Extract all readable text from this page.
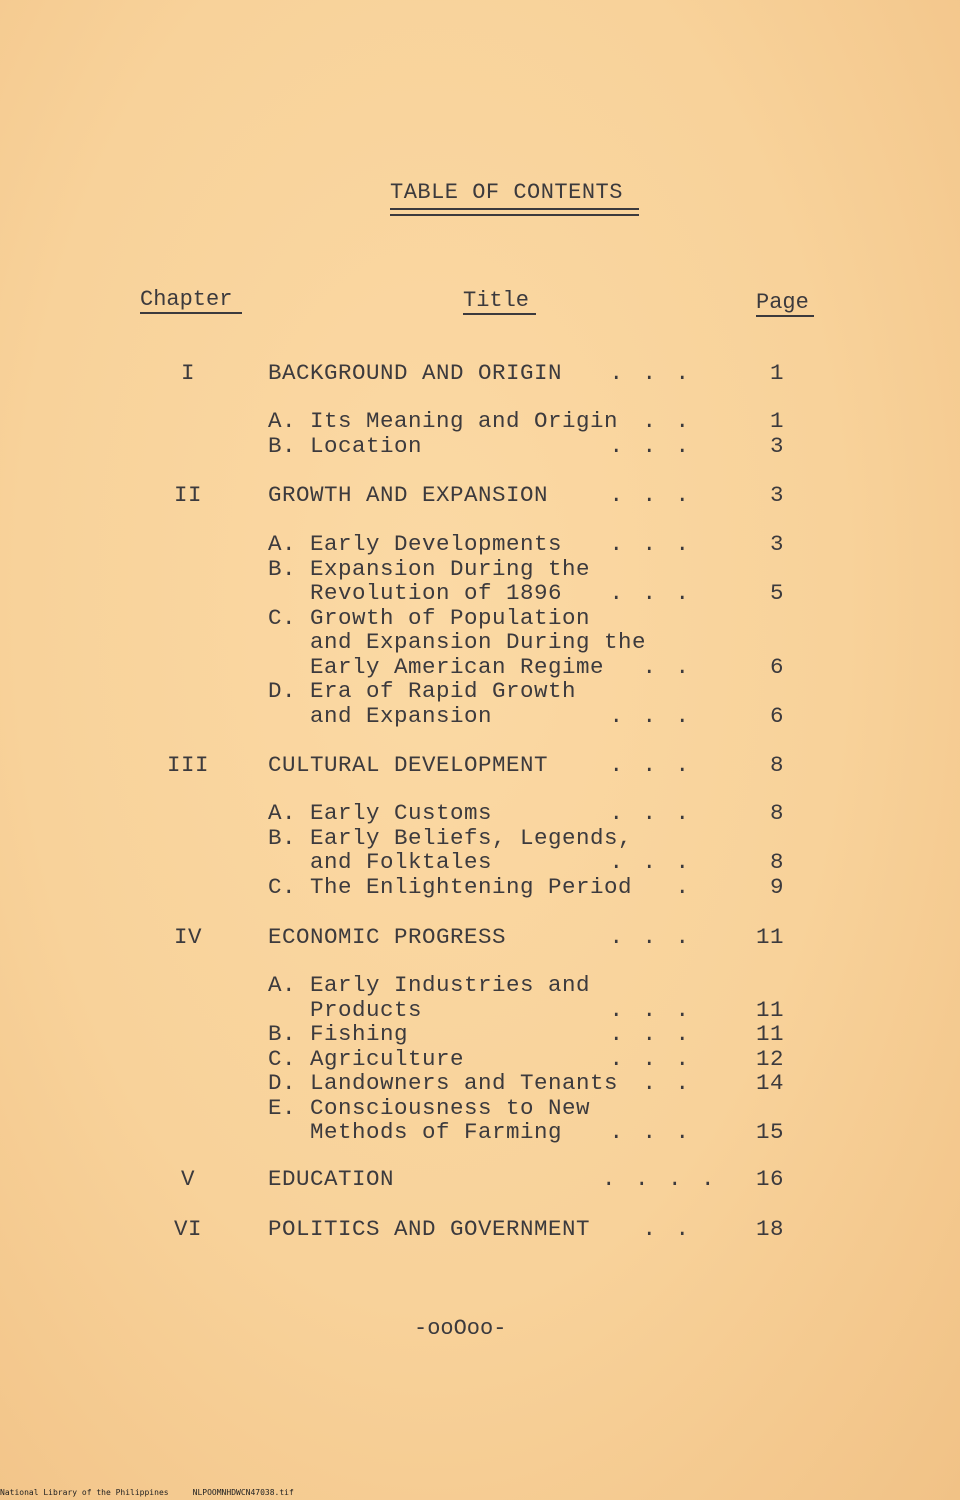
TABLE OF CONTENTS
Chapter	Title	Page
I	BACKGROUND AND ORIGIN	. . .	1
A. Its Meaning and Origin	. .	1
B. Location	. . .	3
II	GROWTH AND EXPANSION	. . .	3
A. Early Developments	. . .	3
B. Expansion During the
Revolution of 1896	. . .	5
C. Growth of Population
and Expansion During the
Early American Regime	. .	6
D. Era of Rapid Growth
and Expansion	. . .	6
III	CULTURAL DEVELOPMENT	. . .	8
A. Early Customs	. . .	8
B. Early Beliefs, Legends,
and Folktales	. . .	8
C. The Enlightening Period	.	9
IV	ECONOMIC PROGRESS	. . .	11
A. Early Industries and
Products	. . .	11
B. Fishing	. . .	11
C. Agriculture	. . .	12
D. Landowners and Tenants	. .	14
E. Consciousness to New
Methods of Farming	. . .	15
V	EDUCATION	. . . .	16
VI	POLITICS AND GOVERNMENT	. .	18
-ooOoo-
National Library of the Philippines     NLPOOMNHDWCN47038.tif
